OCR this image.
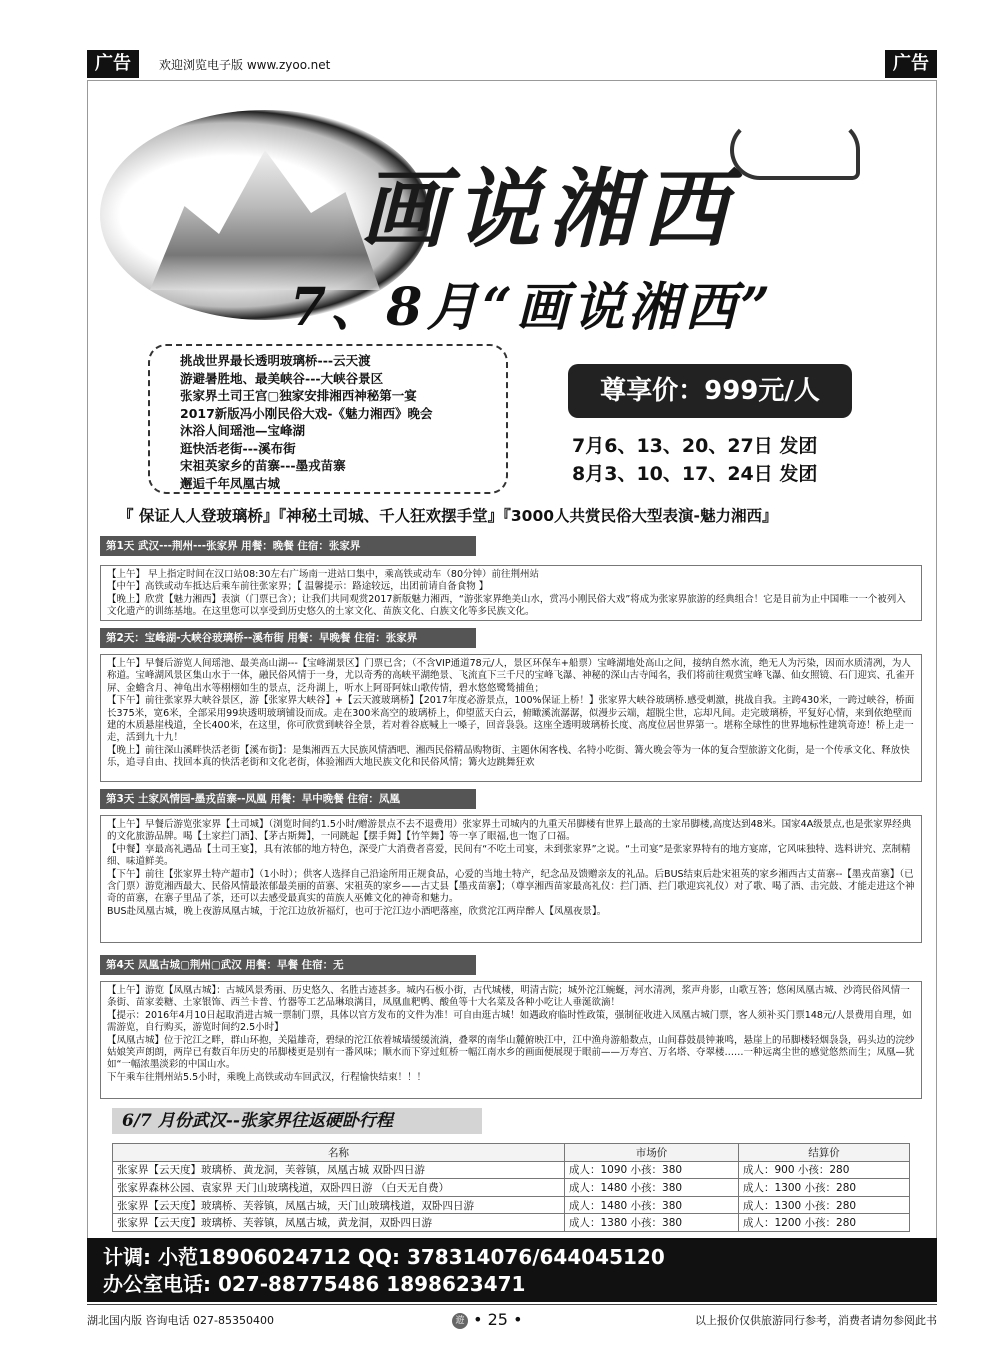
广告	欢迎浏览电子版 www.zyoo.net	广告
画说湘西
7、8月“画说湘西”
挑战世界最长透明玻璃桥---云天渡
游避暑胜地、最美峡谷---大峡谷景区
张家界土司王宫▢独家安排湘西神秘第一宴
2017新版冯小刚民俗大戏-《魅力湘西》晚会
沐浴人间瑶池—宝峰湖
逛快活老街---溪布街
宋祖英家乡的苗寨---墨戎苗寨
邂逅千年凤凰古城
尊享价：999元/人
7月6、13、20、27日 发团
8月3、10、17、24日 发团
『 保证人人登玻璃桥』『神秘土司城、千人狂欢摆手堂』『3000人共赏民俗大型表演-魅力湘西』
第1天 武汉---荆州---张家界 用餐：晚餐 住宿：张家界

【上午】 早上指定时间在汉口站08:30左右广场南一进站口集中，乘高铁或动车（80分钟）前往荆州站

【中午】高铁或动车抵达后乘车前往张家界；【 温馨提示：路途较远，出团前请自备食物 】

【晚上】欣赏【魅力湘西】表演（门票已含）；让我们共同观赏2017新版魅力湘西，“游张家界绝美山水，赏冯小刚民俗大戏”将成为张家界旅游的经典组合！它是目前为止中国唯一一个被列入文化遗产的训练基地。在这里您可以享受到历史悠久的土家文化、苗族文化、白族文化等多民族文化。

第2天：宝峰湖-大峡谷玻璃桥--溪布街 用餐：早晚餐 住宿：张家界

【上午】早餐后游览人间瑶池、最美高山湖---【宝峰湖景区】门票已含；（不含VIP通道78元/人，景区环保车+船票）宝峰湖地处高山之间，接纳自然水流，绝无人为污染，因而水质清冽，为人称道。宝峰湖风景区集山水于一体，融民俗风情于一身，尤以奇秀的高峡平湖绝景、飞流直下三千尺的宝峰飞瀑、神秘的深山古寺闻名，我们将前往观赏宝峰飞瀑、仙女照镜、石门迎宾、孔雀开屏、金蟾含月、神龟出水等栩栩如生的景点，泛舟湖上，听水上阿哥阿妹山歌传情，碧水悠悠鹭鸶捕鱼；

【下午】前往张家界大峡谷景区，游【张家界大峡谷】+【云天渡玻璃桥】【2017年度必游景点，100%保证上桥！】张家界大峡谷玻璃桥.感受刺激，挑战自我。主跨430米，一跨过峡谷，桥面长375米，宽6米，全部采用99块透明玻璃铺设而成。走在300米高空的玻璃桥上，仰望蓝天白云，俯瞰溪流潺潺，似漫步云端，超脱尘世，忘却凡间。走完玻璃桥，平复好心情，来到依绝壁而建的木质悬崖栈道，全长400米，在这里，你可欣赏到峡谷全景，若对着谷底喊上一嗓子，回音袅袅。这座全透明玻璃桥长度、高度位居世界第一。堪称全球性的世界地标性建筑奇迹！桥上走一走，活到九十九！

【晚上】前往深山溪畔快活老街【溪布街】：是集湘西五大民族风情酒吧、湘西民俗精品购物街、主题休闲客栈、名特小吃街、篝火晚会等为一体的复合型旅游文化街，是一个传承文化、释放快乐，追寻自由、找回本真的快活老街和文化老街，体验湘西大地民族文化和民俗风情；篝火边跳舞狂欢

第3天 土家风情园-墨戎苗寨--凤凰 用餐：早中晚餐 住宿：凤凰

【上午】早餐后游览张家界【土司城】（浏览时间约1.5小时/赠游景点不去不退费用）张家界土司城内的九重天吊脚楼有世界上最高的土家吊脚楼,高度达到48米。国家4A级景点,也是张家界经典的文化旅游品牌。喝【土家拦门酒】、【茅古斯舞】，一同跳起【摆手舞】【竹竿舞】等一享了眼福,也一饱了口福。

【中餐】享最高礼遇品【土司王宴】，具有浓郁的地方特色，深受广大消费者喜爱，民间有“不吃土司宴，未到张家界”之说。“土司宴”是张家界特有的地方宴席，它风味独特、选料讲究、烹制精细、味道鲜美。

【下午】前往【张家界土特产超市】（1小时）；供客人选择自己沿途所用正规食品，心爱的当地土特产，纪念品及馈赠亲友的礼品。后BUS结束后赴宋祖英的家乡湘西古丈苗寨--【墨戎苗寨】（已含门票）游览湘西最大、民俗风情最浓郁最美丽的苗寨、宋祖英的家乡——古丈县【墨戎苗寨】；（尊享湘西苗家最高礼仪：拦门酒、拦门歌迎宾礼仪）对了歌、喝了酒、击完鼓、才能走进这个神奇的苗寨，在寨子里品了茶，还可以去感受最真实的苗族人巫傩文化的神奇和魅力。

BUS赴凤凰古城，晚上夜游凤凰古城，于沱江边放祈福灯，也可于沱江边小酒吧落座，欣赏沱江两岸醉人【凤凰夜景】。

第4天 凤凰古城▢荆州▢武汉 用餐：早餐 住宿：无

【上午】游览【凤凰古城】：古城风景秀丽、历史悠久、名胜古迹甚多。城内石板小街，古代城楼，明清古院；城外沱江蜿蜒，河水清冽，浆声舟影，山歌互答；悠闲凤凰古城、沙湾民俗风情一条街、苗家姜糖、土家银饰、西兰卡普、竹器等工艺品琳琅满目，凤凰血粑鸭、酸鱼等十大名菜及各种小吃让人垂涎欲滴！

【提示：2016年4月10日起取消进古城一票制门票，具体以官方发布的文件为准！可自由逛古城！如遇政府临时性政策，强制征收进入凤凰古城门票，客人须补买门票148元/人景费用自理，如需游览，自行购买，游览时间约2.5小时】

【凤凰古城】位于沱江之畔，群山环抱，关隘雄奇，碧绿的沱江依着城墙缓缓流淌，叠翠的南华山麓俯映江中，江中渔舟游船数点，山间暮鼓晨钟兼鸣，悬崖上的吊脚楼轻烟袅袅，码头边的浣纱姑娘笑声朗朗，两岸已有数百年历史的吊脚楼更是别有一番风味；顺水而下穿过虹桥一幅江南水乡的画面便展现于眼前——万寿宫、万名塔、夺翠楼……一种远离尘世的感觉悠然而生；凤凰—犹如“一幅浓墨淡彩的中国山水。

下午乘车往荆州站5.5小时，乘晚上高铁或动车回武汉，行程愉快结束！！！

6/7 月份武汉--张家界往返硬卧行程
名称	市场价	结算价
张家界【云天度】玻璃桥、黄龙洞，芙蓉镇，凤凰古城 双卧四日游	成人：1090 小孩：380	成人：900 小孩：280
张家界森林公园、袁家界 天门山玻璃栈道，双卧四日游 （白天无自费）	成人：1480 小孩：380	成人：1300 小孩：280
张家界【云天度】玻璃桥、芙蓉镇，凤凰古城，天门山玻璃栈道，双卧四日游	成人：1480 小孩：380	成人：1300 小孩：280
张家界【云天度】玻璃桥、芙蓉镇，凤凰古城，黄龙洞，双卧四日游	成人：1380 小孩：380	成人：1200 小孩：280
计调: 小范18906024712 QQ: 378314076/644045120
办公室电话: 027-88775486 18986234​71
湖北国内版 咨询电话 027-85350400	遊 • 25 •	以上报价仅供旅游同行参考，消费者请勿参阅此书
